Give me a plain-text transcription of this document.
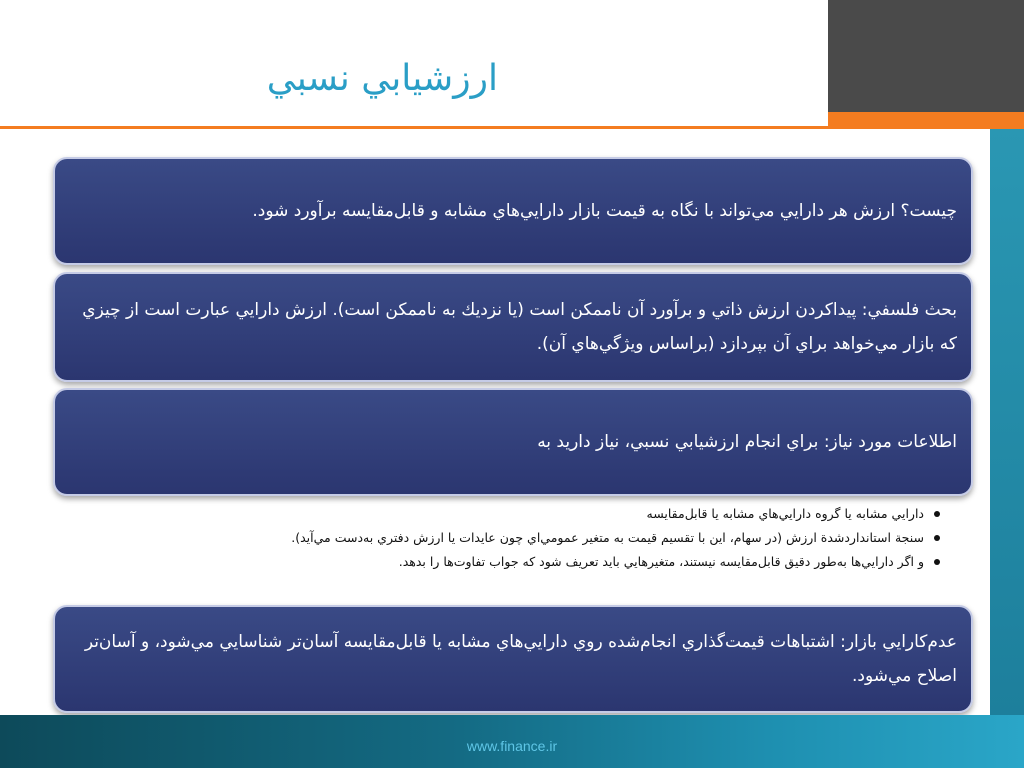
ارزشيابي نسبي
چيست؟ ارزش هر دارايي مي‌تواند با نگاه به قيمت بازار دارايي‌هاي مشابه و قابل‌مقايسه برآورد شود.
بحث فلسفي: پيداكردن ارزش ذاتي و برآورد آن ناممكن است (يا نزديك به ناممكن است). ارزش دارايي عبارت است از چيزي كه بازار مي‌خواهد براي آن بپردازد (براساس ويژگي‌هاي آن).
اطلاعات مورد نياز: براي انجام ارزشيابي نسبي، نياز داريد به
دارايي مشابه يا گروه دارايي‌هاي مشابه يا قابل‌مقايسه
سنجة استانداردشدة ارزش (در سهام، اين با تقسيم قيمت به متغير عمومي‌اي چون عايدات يا ارزش دفتري به‌دست مي‌آيد).
و اگر دارايي‌ها به‌طور دقيق قابل‌مقايسه نيستند، متغيرهايي بايد تعريف شود كه جواب تفاوت‌ها را بدهد.
عدم‌كارايي بازار: اشتباهات قيمت‌گذاري انجام‌شده روي دارايي‌هاي مشابه يا قابل‌مقايسه آسان‌تر شناسايي مي‌شود، و آسان‌تر اصلاح مي‌شود.
www.finance.ir
